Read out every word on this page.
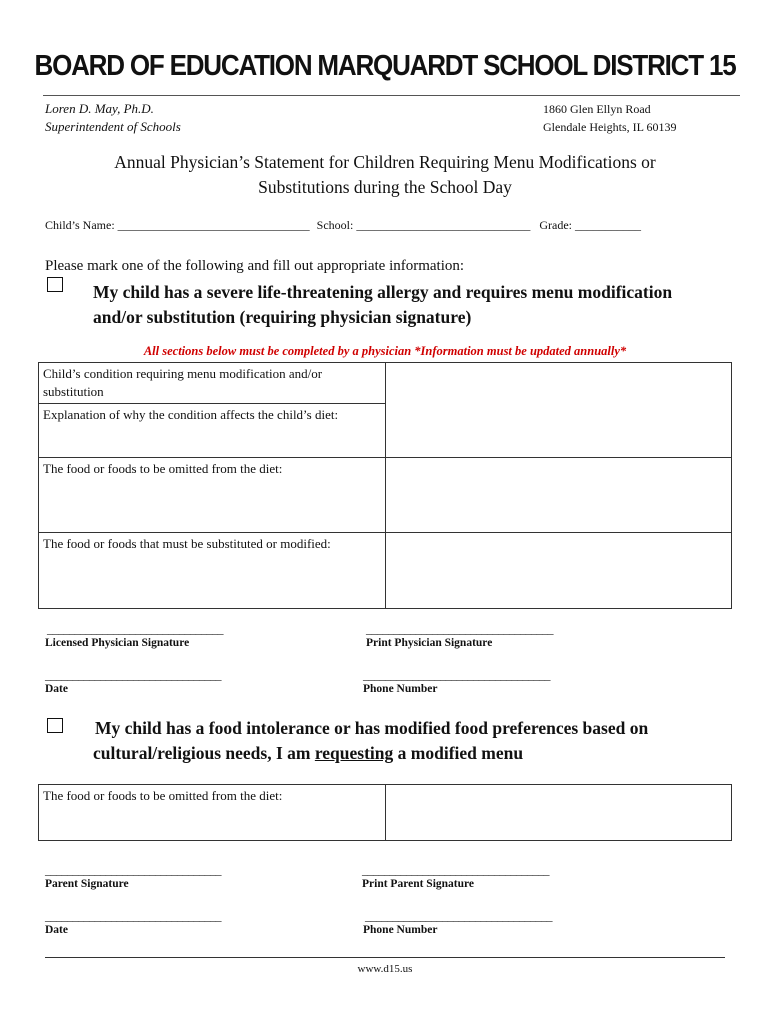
BOARD OF EDUCATION MARQUARDT SCHOOL DISTRICT 15
Loren D. May, Ph.D.
Superintendent of Schools
1860 Glen Ellyn Road
Glendale Heights, IL 60139
Annual Physician’s Statement for Children Requiring Menu Modifications or
Substitutions during the School Day
Child’s Name: ________________________________ School: _____________________________ Grade: ___________
Please mark one of the following and fill out appropriate information:
My child has a severe life-threatening allergy and requires menu modification
and/or substitution (requiring physician signature)
All sections below must be completed by a physician *Information must be updated annually*
Child’s condition requiring menu modification and/or substitution	
Explanation of why the condition affects the child’s diet:	
The food or foods to be omitted from the diet:	
The food or foods that must be substituted or modified:	
________________________________
Licensed Physician Signature
__________________________________
Print Physician Signature
________________________________
Date
__________________________________
Phone Number
My child has a food intolerance or has modified food preferences based on
cultural/religious needs, I am requesting a modified menu
The food or foods to be omitted from the diet:	
________________________________
Parent Signature
__________________________________
Print Parent Signature
________________________________
Date
__________________________________
Phone Number
www.d15.us
